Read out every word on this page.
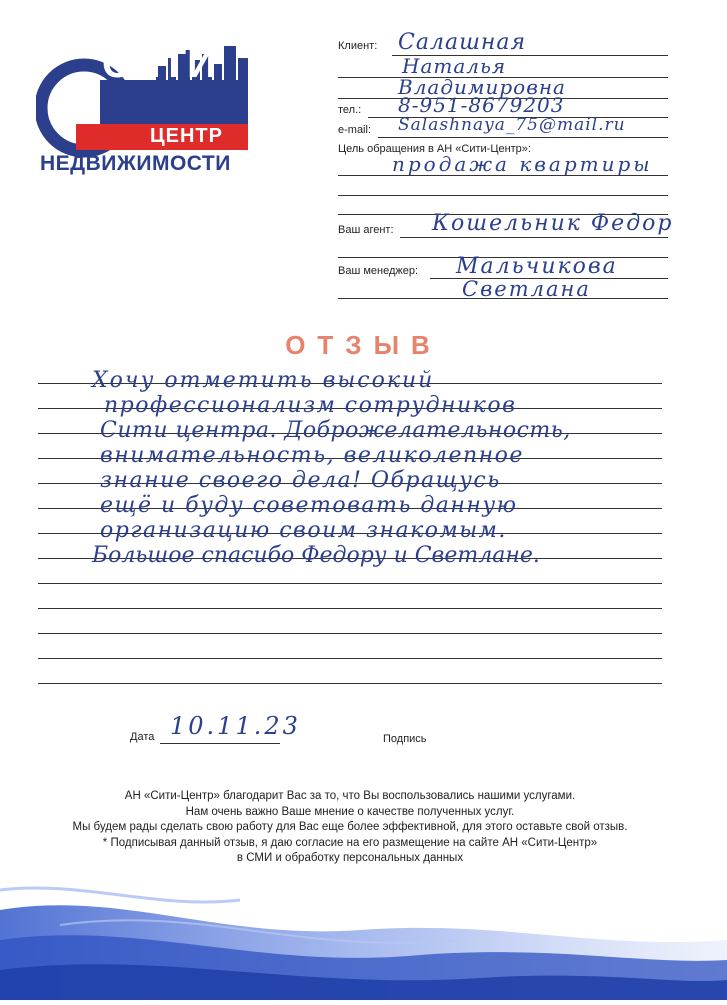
СИТИ
ЦЕНТР
НЕДВИЖИМОСТИ
Клиент: Салашная
Наталья
Владимировна
тел.: 8-951-8679203
e-mail: Salashnaya_75@mail.ru
Цель обращения в АН «Сити-Центр»:
продажа квартиры
Ваш агент: Кошельник Федор
Ваш менеджер: Мальчикова
Светлана
ОТЗЫВ
Хочу отметить высокий
профессионализм сотрудников
Сити центра. Доброжелательность,
внимательность, великолепное
знание своего дела! Обращусь
ещё и буду советовать данную
организацию своим знакомым.
Большое спасибо Федору и Светлане.
Дата 10.11.23	Подпись
АН «Сити-Центр» благодарит Вас за то, что Вы воспользовались нашими услугами.
Нам очень важно Ваше мнение о качестве полученных услуг.
Мы будем рады сделать свою работу для Вас еще более эффективной, для этого оставьте свой отзыв.
* Подписывая данный отзыв, я даю согласие на его размещение на сайте АН «Сити-Центр»
в СМИ и обработку персональных данных
